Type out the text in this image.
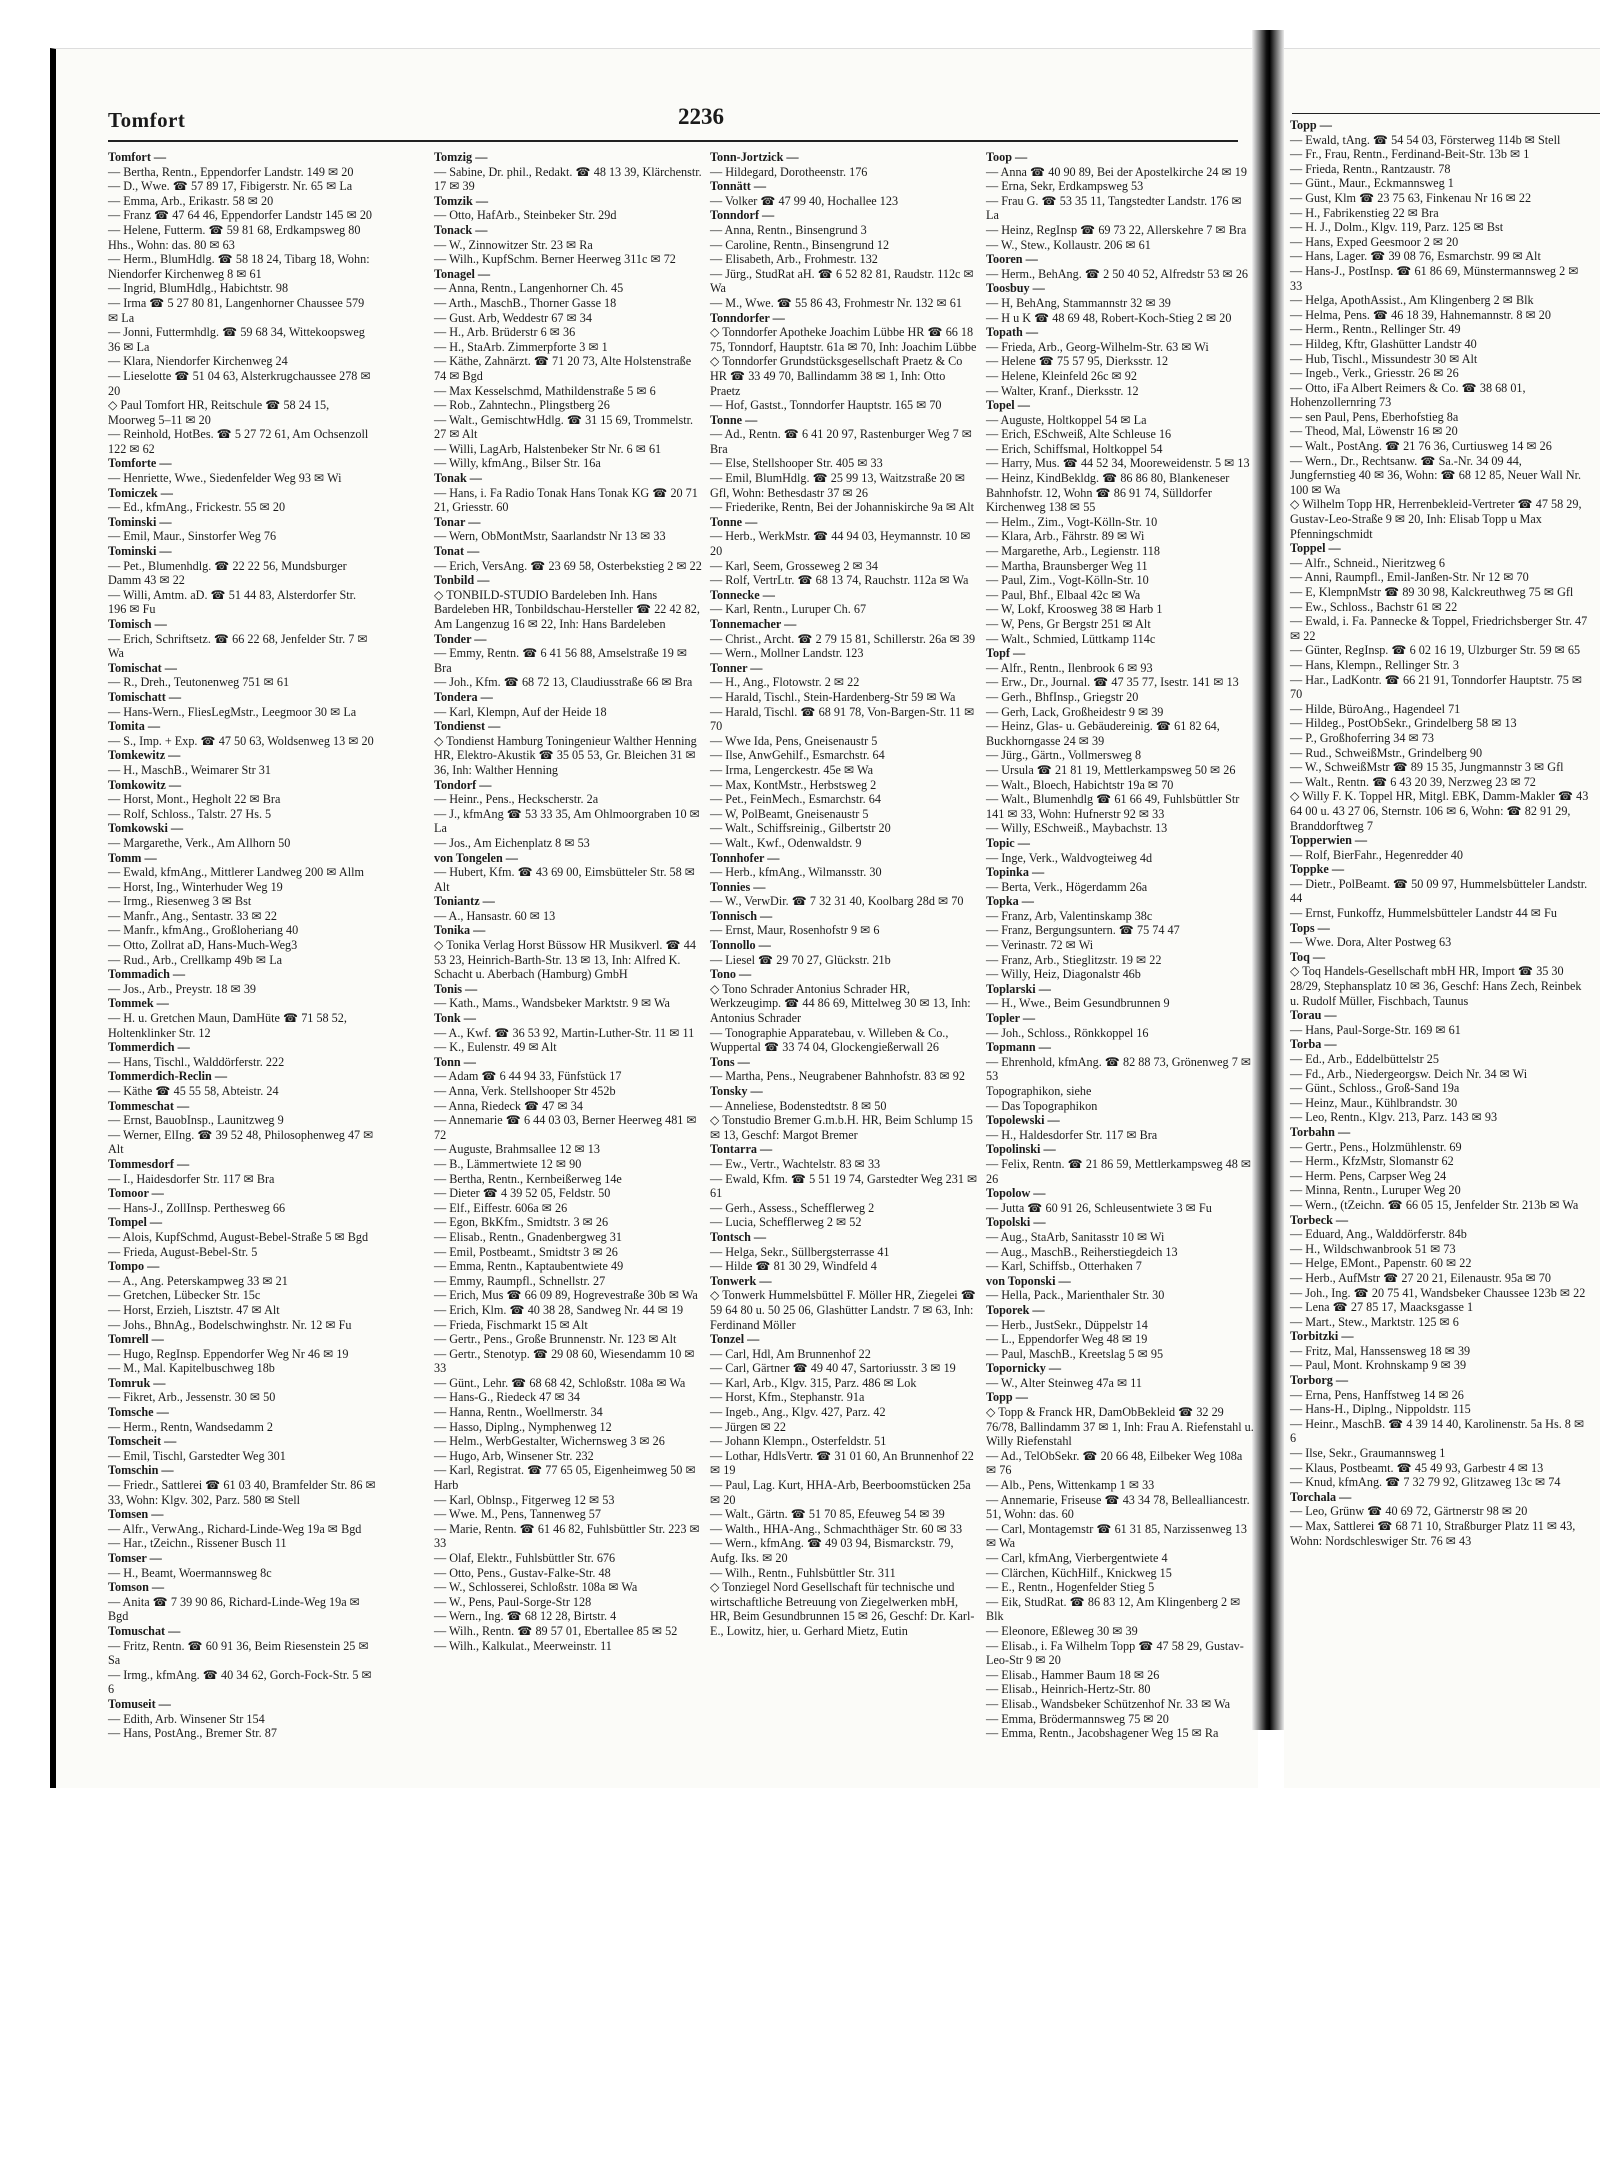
Tomfort	2236

Tomfort —

— Bertha, Rentn., Eppendorfer Landstr. 149 ✉ 20

— D., Wwe. ☎ 57 89 17, Fibigerstr. Nr. 65 ✉ La

— Emma, Arb., Erikastr. 58 ✉ 20

— Franz ☎ 47 64 46, Eppendorfer Landstr 145 ✉ 20

— Helene, Futterm. ☎ 59 81 68, Erdkampsweg 80 Hhs., Wohn: das. 80 ✉ 63

— Herm., BlumHdlg. ☎ 58 18 24, Tibarg 18, Wohn: Niendorfer Kirchenweg 8 ✉ 61

— Ingrid, BlumHdlg., Habichtstr. 98

— Irma ☎ 5 27 80 81, Langenhorner Chaussee 579 ✉ La

— Jonni, Futtermhdlg. ☎ 59 68 34, Wittekoopsweg 36 ✉ La

— Klara, Niendorfer Kirchenweg 24

— Lieselotte ☎ 51 04 63, Alsterkrugchaussee 278 ✉ 20

◇ Paul Tomfort HR, Reitschule ☎ 58 24 15, Moorweg 5–11 ✉ 20

— Reinhold, HotBes. ☎ 5 27 72 61, Am Ochsenzoll 122 ✉ 62

Tomforte —

— Henriette, Wwe., Siedenfelder Weg 93 ✉ Wi

Tomiczek —

— Ed., kfmAng., Frickestr. 55 ✉ 20

Tominski —

— Emil, Maur., Sinstorfer Weg 76

Tominski —

— Pet., Blumenhdlg. ☎ 22 22 56, Mundsburger Damm 43 ✉ 22

— Willi, Amtm. aD. ☎ 51 44 83, Alsterdorfer Str. 196 ✉ Fu

Tomisch —

— Erich, Schriftsetz. ☎ 66 22 68, Jenfelder Str. 7 ✉ Wa

Tomischat —

— R., Dreh., Teutonenweg 751 ✉ 61

Tomischatt —

— Hans-Wern., FliesLegMstr., Leegmoor 30 ✉ La

Tomita —

— S., Imp. + Exp. ☎ 47 50 63, Woldsenweg 13 ✉ 20

Tomkewitz —

— H., MaschB., Weimarer Str 31

Tomkowitz —

— Horst, Mont., Hegholt 22 ✉ Bra

— Rolf, Schloss., Talstr. 27 Hs. 5

Tomkowski —

— Margarethe, Verk., Am Allhorn 50

Tomm —

— Ewald, kfmAng., Mittlerer Landweg 200 ✉ Allm

— Horst, Ing., Winterhuder Weg 19

— Irmg., Riesenweg 3 ✉ Bst

— Manfr., Ang., Sentastr. 33 ✉ 22

— Manfr., kfmAng., Großloheriang 40

— Otto, Zollrat aD, Hans-Much-Weg3

— Rud., Arb., Crellkamp 49b ✉ La

Tommadich —

— Jos., Arb., Preystr. 18 ✉ 39

Tommek —

— H. u. Gretchen Maun, DamHüte ☎ 71 58 52, Holtenklinker Str. 12

Tommerdich —

— Hans, Tischl., Walddörferstr. 222

Tommerdich-Reclin —

— Käthe ☎ 45 55 58, Abteistr. 24

Tommeschat —

— Ernst, BauobInsp., Launitzweg 9

— Werner, ElIng. ☎ 39 52 48, Philosophenweg 47 ✉ Alt

Tommesdorf —

— I., Haidesdorfer Str. 117 ✉ Bra

Tomoor —

— Hans-J., ZollInsp. Perthesweg 66

Tompel —

— Alois, KupfSchmd, August-Bebel-Straße 5 ✉ Bgd

— Frieda, August-Bebel-Str. 5

Tompo —

— A., Ang. Peterskampweg 33 ✉ 21

— Gretchen, Lübecker Str. 15c

— Horst, Erzieh, Lisztstr. 47 ✉ Alt

— Johs., BhnAg., Bodelschwinghstr. Nr. 12 ✉ Fu

Tomrell —

— Hugo, RegInsp. Eppendorfer Weg Nr 46 ✉ 19

— M., Mal. Kapitelbuschweg 18b

Tomruk —

— Fikret, Arb., Jessenstr. 30 ✉ 50

Tomsche —

— Herm., Rentn, Wandsedamm 2

Tomscheit —

— Emil, Tischl, Garstedter Weg 301

Tomschin —

— Friedr., Sattlerei ☎ 61 03 40, Bramfelder Str. 86 ✉ 33, Wohn: Klgv. 302, Parz. 580 ✉ Stell

Tomsen —

— Alfr., VerwAng., Richard-Linde-Weg 19a ✉ Bgd

— Har., tZeichn., Rissener Busch 11

Tomser —

— H., Beamt, Woermannsweg 8c

Tomson —

— Anita ☎ 7 39 90 86, Richard-Linde-Weg 19a ✉ Bgd

Tomuschat —

— Fritz, Rentn. ☎ 60 91 36, Beim Riesenstein 25 ✉ Sa

— Irmg., kfmAng. ☎ 40 34 62, Gorch-Fock-Str. 5 ✉ 6

Tomuseit —

— Edith, Arb. Winsener Str 154

— Hans, PostAng., Bremer Str. 87

Tomzig —

— Sabine, Dr. phil., Redakt. ☎ 48 13 39, Klärchenstr. 17 ✉ 39

Tomzik —

— Otto, HafArb., Steinbeker Str. 29d

Tonack —

— W., Zinnowitzer Str. 23 ✉ Ra

— Wilh., KupfSchm. Berner Heerweg 311c ✉ 72

Tonagel —

— Anna, Rentn., Langenhorner Ch. 45

— Arth., MaschB., Thorner Gasse 18

— Gust. Arb, Weddestr 67 ✉ 34

— H., Arb. Brüderstr 6 ✉ 36

— H., StaArb. Zimmerpforte 3 ✉ 1

— Käthe, Zahnärzt. ☎ 71 20 73, Alte Holstenstraße 74 ✉ Bgd

— Max Kesselschmd, Mathildenstraße 5 ✉ 6

— Rob., Zahntechn., Plingstberg 26

— Walt., GemischtwHdlg. ☎ 31 15 69, Trommelstr. 27 ✉ Alt

— Willi, LagArb, Halstenbeker Str Nr. 6 ✉ 61

— Willy, kfmAng., Bilser Str. 16a

Tonak —

— Hans, i. Fa Radio Tonak Hans Tonak KG ☎ 20 71 21, Griesstr. 60

Tonar —

— Wern, ObMontMstr, Saarlandstr Nr 13 ✉ 33

Tonat —

— Erich, VersAng. ☎ 23 69 58, Osterbekstieg 2 ✉ 22

Tonbild —

◇ TONBILD-STUDIO Bardeleben Inh. Hans Bardeleben HR, Tonbildschau-Hersteller ☎ 22 42 82, Am Langenzug 16 ✉ 22, Inh: Hans Bardeleben

Tonder —

— Emmy, Rentn. ☎ 6 41 56 88, Amselstraße 19 ✉ Bra

— Joh., Kfm. ☎ 68 72 13, Claudiusstraße 66 ✉ Bra

Tondera —

— Karl, Klempn, Auf der Heide 18

Tondienst —

◇ Tondienst Hamburg Toningenieur Walther Henning HR, Elektro-Akustik ☎ 35 05 53, Gr. Bleichen 31 ✉ 36, Inh: Walther Henning

Tondorf —

— Heinr., Pens., Heckscherstr. 2a

— J., kfmAng ☎ 53 33 35, Am Ohlmoorgraben 10 ✉ La

— Jos., Am Eichenplatz 8 ✉ 53

von Tongelen —

— Hubert, Kfm. ☎ 43 69 00, Eimsbütteler Str. 58 ✉ Alt

Toniantz —

— A., Hansastr. 60 ✉ 13

Tonika —

◇ Tonika Verlag Horst Büssow HR Musikverl. ☎ 44 53 23, Heinrich-Barth-Str. 13 ✉ 13, Inh: Alfred K. Schacht u. Aberbach (Hamburg) GmbH

Tonis —

— Kath., Mams., Wandsbeker Marktstr. 9 ✉ Wa

Tonk —

— A., Kwf. ☎ 36 53 92, Martin-Luther-Str. 11 ✉ 11

— K., Eulenstr. 49 ✉ Alt

Tonn —

— Adam ☎ 6 44 94 33, Fünfstück 17

— Anna, Verk. Stellshooper Str 452b

— Anna, Riedeck ☎ 47 ✉ 34

— Annemarie ☎ 6 44 03 03, Berner Heerweg 481 ✉ 72

— Auguste, Brahmsallee 12 ✉ 13

— B., Lämmertwiete 12 ✉ 90

— Bertha, Rentn., Kernbeißerweg 14e

— Dieter ☎ 4 39 52 05, Feldstr. 50

— Elf., Eiffestr. 606a ✉ 26

— Egon, BkKfm., Smidtstr. 3 ✉ 26

— Elisab., Rentn., Gnadenbergweg 31

— Emil, Postbeamt., Smidtstr 3 ✉ 26

— Emma, Rentn., Kaptaubentwiete 49

— Emmy, Raumpfl., Schnellstr. 27

— Erich, Mus ☎ 66 09 89, Hogrevestraße 30b ✉ Wa

— Erich, Klm. ☎ 40 38 28, Sandweg Nr. 44 ✉ 19

— Frieda, Fischmarkt 15 ✉ Alt

— Gertr., Pens., Große Brunnenstr. Nr. 123 ✉ Alt

— Gertr., Stenotyp. ☎ 29 08 60, Wiesendamm 10 ✉ 33

— Günt., Lehr. ☎ 68 68 42, Schloßstr. 108a ✉ Wa

— Hans-G., Riedeck 47 ✉ 34

— Hanna, Rentn., Woellmerstr. 34

— Hasso, Diplng., Nymphenweg 12

— Helm., WerbGestalter, Wichernsweg 3 ✉ 26

— Hugo, Arb, Winsener Str. 232

— Karl, Registrat. ☎ 77 65 05, Eigenheimweg 50 ✉ Harb

— Karl, Oblnsp., Fitgerweg 12 ✉ 53

— Wwe. M., Pens, Tannenweg 57

— Marie, Rentn. ☎ 61 46 82, Fuhlsbüttler Str. 223 ✉ 33

— Olaf, Elektr., Fuhlsbüttler Str. 676

— Otto, Pens., Gustav-Falke-Str. 48

— W., Schlosserei, Schloßstr. 108a ✉ Wa

— W., Pens, Paul-Sorge-Str 128

— Wern., Ing. ☎ 68 12 28, Birtstr. 4

— Wilh., Rentn. ☎ 89 57 01, Ebertallee 85 ✉ 52

— Wilh., Kalkulat., Meerweinstr. 11

Tonn-Jortzick —

— Hildegard, Dorotheenstr. 176

Tonnätt —

— Volker ☎ 47 99 40, Hochallee 123

Tonndorf —

— Anna, Rentn., Binsengrund 3

— Caroline, Rentn., Binsengrund 12

— Elisabeth, Arb., Frohmestr. 132

— Jürg., StudRat aH. ☎ 6 52 82 81, Raudstr. 112c ✉ Wa

— M., Wwe. ☎ 55 86 43, Frohmestr Nr. 132 ✉ 61

Tonndorfer —

◇ Tonndorfer Apotheke Joachim Lübbe HR ☎ 66 18 75, Tonndorf, Hauptstr. 61a ✉ 70, Inh: Joachim Lübbe

◇ Tonndorfer Grundstücksgesellschaft Praetz & Co HR ☎ 33 49 70, Ballindamm 38 ✉ 1, Inh: Otto Praetz

— Hof, Gastst., Tonndorfer Hauptstr. 165 ✉ 70

Tonne —

— Ad., Rentn. ☎ 6 41 20 97, Rastenburger Weg 7 ✉ Bra

— Else, Stellshooper Str. 405 ✉ 33

— Emil, BlumHdlg. ☎ 25 99 13, Waitzstraße 20 ✉ Gfl, Wohn: Bethesdastr 37 ✉ 26

— Friederike, Rentn, Bei der Johanniskirche 9a ✉ Alt

Tonne —

— Herb., WerkMstr. ☎ 44 94 03, Heymannstr. 10 ✉ 20

— Karl, Seem, Grosseweg 2 ✉ 34

— Rolf, VertrLtr. ☎ 68 13 74, Rauchstr. 112a ✉ Wa

Tonnecke —

— Karl, Rentn., Luruper Ch. 67

Tonnemacher —

— Christ., Archt. ☎ 2 79 15 81, Schillerstr. 26a ✉ 39

— Wern., Mollner Landstr. 123

Tonner —

— H., Ang., Flotowstr. 2 ✉ 22

— Harald, Tischl., Stein-Hardenberg-Str 59 ✉ Wa

— Harald, Tischl. ☎ 68 91 78, Von-Bargen-Str. 11 ✉ 70

— Wwe Ida, Pens, Gneisenaustr 5

— Ilse, AnwGehilf., Esmarchstr. 64

— Irma, Lengerckestr. 45e ✉ Wa

— Max, KontMstr., Herbstsweg 2

— Pet., FeinMech., Esmarchstr. 64

— W, PolBeamt, Gneisenaustr 5

— Walt., Schiffsreinig., Gilbertstr 20

— Walt., Kwf., Odenwaldstr. 9

Tonnhofer —

— Herb., kfmAng., Wilmansstr. 30

Tonnies —

— W., VerwDir. ☎ 7 32 31 40, Koolbarg 28d ✉ 70

Tonnisch —

— Ernst, Maur, Rosenhofstr 9 ✉ 6

Tonnollo —

— Liesel ☎ 29 70 27, Glückstr. 21b

Tono —

◇ Tono Schrader Antonius Schrader HR, Werkzeugimp. ☎ 44 86 69, Mittelweg 30 ✉ 13, Inh: Antonius Schrader

— Tonographie Apparatebau, v. Willeben & Co., Wuppertal ☎ 33 74 04, Glockengießerwall 26

Tons —

— Martha, Pens., Neugrabener Bahnhofstr. 83 ✉ 92

Tonsky —

— Anneliese, Bodenstedtstr. 8 ✉ 50

◇ Tonstudio Bremer G.m.b.H. HR, Beim Schlump 15 ✉ 13, Geschf: Margot Bremer

Tontarra —

— Ew., Vertr., Wachtelstr. 83 ✉ 33

— Ewald, Kfm. ☎ 5 51 19 74, Garstedter Weg 231 ✉ 61

— Gerh., Assess., Schefflerweg 2

— Lucia, Schefflerweg 2 ✉ 52

Tontsch —

— Helga, Sekr., Süllbergsterrasse 41

— Hilde ☎ 81 30 29, Windfeld 4

Tonwerk —

◇ Tonwerk Hummelsbüttel F. Möller HR, Ziegelei ☎ 59 64 80 u. 50 25 06, Glashütter Landstr. 7 ✉ 63, Inh: Ferdinand Möller

Tonzel —

— Carl, Hdl, Am Brunnenhof 22

— Carl, Gärtner ☎ 49 40 47, Sartoriusstr. 3 ✉ 19

— Karl, Arb., Klgv. 315, Parz. 486 ✉ Lok

— Horst, Kfm., Stephanstr. 91a

— Ingeb., Ang., Klgv. 427, Parz. 42

— Jürgen ✉ 22

— Johann Klempn., Osterfeldstr. 51

— Lothar, HdlsVertr. ☎ 31 01 60, An Brunnenhof 22 ✉ 19

— Paul, Lag. Kurt, HHA-Arb, Beerboomstücken 25a ✉ 20

— Walt., Gärtn. ☎ 51 70 85, Efeuweg 54 ✉ 39

— Walth., HHA-Ang., Schmachthäger Str. 60 ✉ 33

— Wern., kfmAng. ☎ 49 03 94, Bismarckstr. 79, Aufg. Iks. ✉ 20

— Wilh., Rentn., Fuhlsbüttler Str. 311

◇ Tonziegel Nord Gesellschaft für technische und wirtschaftliche Betreuung von Ziegelwerken mbH, HR, Beim Gesundbrunnen 15 ✉ 26, Geschf: Dr. Karl-E., Lowitz, hier, u. Gerhard Mietz, Eutin

Toop —

— Anna ☎ 40 90 89, Bei der Apostelkirche 24 ✉ 19

— Erna, Sekr, Erdkampsweg 53

— Frau G. ☎ 53 35 11, Tangstedter Landstr. 176 ✉ La

— Heinz, RegInsp ☎ 69 73 22, Allerskehre 7 ✉ Bra

— W., Stew., Kollaustr. 206 ✉ 61

Tooren —

— Herm., BehAng. ☎ 2 50 40 52, Alfredstr 53 ✉ 26

Toosbuy —

— H, BehAng, Stammannstr 32 ✉ 39

— H u K ☎ 48 69 48, Robert-Koch-Stieg 2 ✉ 20

Topath —

— Frieda, Arb., Georg-Wilhelm-Str. 63 ✉ Wi

— Helene ☎ 75 57 95, Dierksstr. 12

— Helene, Kleinfeld 26c ✉ 92

— Walter, Kranf., Dierksstr. 12

Topel —

— Auguste, Holtkoppel 54 ✉ La

— Erich, ESchweiß, Alte Schleuse 16

— Erich, Schiffsmal, Holtkoppel 54

— Harry, Mus. ☎ 44 52 34, Mooreweidenstr. 5 ✉ 13

— Heinz, KindBekldg. ☎ 86 86 80, Blankeneser Bahnhofstr. 12, Wohn ☎ 86 91 74, Sülldorfer Kirchenweg 138 ✉ 55

— Helm., Zim., Vogt-Kölln-Str. 10

— Klara, Arb., Fährstr. 89 ✉ Wi

— Margarethe, Arb., Legienstr. 118

— Martha, Braunsberger Weg 11

— Paul, Zim., Vogt-Kölln-Str. 10

— Paul, Bhf., Elbaal 42c ✉ Wa

— W, Lokf, Kroosweg 38 ✉ Harb 1

— W, Pens, Gr Bergstr 251 ✉ Alt

— Walt., Schmied, Lüttkamp 114c

Topf —

— Alfr., Rentn., Ilenbrook 6 ✉ 93

— Erw., Dr., Journal. ☎ 47 35 77, Isestr. 141 ✉ 13

— Gerh., BhfInsp., Griegstr 20

— Gerh, Lack, Großheidestr 9 ✉ 39

— Heinz, Glas- u. Gebäudereinig. ☎ 61 82 64, Buckhorngasse 24 ✉ 39

— Jürg., Gärtn., Vollmersweg 8

— Ursula ☎ 21 81 19, Mettlerkampsweg 50 ✉ 26

— Walt., Bloech, Habichtstr 19a ✉ 70

— Walt., Blumenhdlg ☎ 61 66 49, Fuhlsbüttler Str 141 ✉ 33, Wohn: Hufnerstr 92 ✉ 33

— Willy, ESchweiß., Maybachstr. 13

Topic —

— Inge, Verk., Waldvogteiweg 4d

Topinka —

— Berta, Verk., Högerdamm 26a

Topka —

— Franz, Arb, Valentinskamp 38c

— Franz, Bergungsuntern. ☎ 75 74 47

— Verinastr. 72 ✉ Wi

— Franz, Arb., Stieglitzstr. 19 ✉ 22

— Willy, Heiz, Diagonalstr 46b

Toplarski —

— H., Wwe., Beim Gesundbrunnen 9

Topler —

— Joh., Schloss., Rönkkoppel 16

Topmann —

— Ehrenhold, kfmAng. ☎ 82 88 73, Grönenweg 7 ✉ 53

Topographikon, siehe

— Das Topographikon

Topolewski —

— H., Haldesdorfer Str. 117 ✉ Bra

Topolinski —

— Felix, Rentn. ☎ 21 86 59, Mettlerkampsweg 48 ✉ 26

Topolow —

— Jutta ☎ 60 91 26, Schleusentwiete 3 ✉ Fu

Topolski —

— Aug., StaArb, Sanitasstr 10 ✉ Wi

— Aug., MaschB., Reiherstiegdeich 13

— Karl, Schiffsb., Otterhaken 7

von Toponski —

— Hella, Pack., Marienthaler Str. 30

Toporek —

— Herb., JustSekr., Düppelstr 14

— L., Eppendorfer Weg 48 ✉ 19

— Paul, MaschB., Kreetslag 5 ✉ 95

Topornicky —

— W., Alter Steinweg 47a ✉ 11

Topp —

◇ Topp & Franck HR, DamObBekleid ☎ 32 29 76/78, Ballindamm 37 ✉ 1, Inh: Frau A. Riefenstahl u. Willy Riefenstahl

— Ad., TelObSekr. ☎ 20 66 48, Eilbeker Weg 108a ✉ 76

— Alb., Pens, Wittenkamp 1 ✉ 33

— Annemarie, Friseuse ☎ 43 34 78, Bellealliancestr. 51, Wohn: das. 60

— Carl, Montagemstr ☎ 61 31 85, Narzissenweg 13 ✉ Wa

— Carl, kfmAng, Vierbergentwiete 4

— Clärchen, KüchHilf., Knickweg 15

— E., Rentn., Hogenfelder Stieg 5

— Eik, StudRat. ☎ 86 83 12, Am Klingenberg 2 ✉ Blk

— Eleonore, Eßleweg 30 ✉ 39

— Elisab., i. Fa Wilhelm Topp ☎ 47 58 29, Gustav-Leo-Str 9 ✉ 20

— Elisab., Hammer Baum 18 ✉ 26

— Elisab., Heinrich-Hertz-Str. 80

— Elisab., Wandsbeker Schützenhof Nr. 33 ✉ Wa

— Emma, Brödermannsweg 75 ✉ 20

— Emma, Rentn., Jacobshagener Weg 15 ✉ Ra

Topp —

— Ewald, tAng. ☎ 54 54 03, Försterweg 114b ✉ Stell

— Fr., Frau, Rentn., Ferdinand-Beit-Str. 13b ✉ 1

— Frieda, Rentn., Rantzaustr. 78

— Günt., Maur., Eckmannsweg 1

— Gust, Klm ☎ 23 75 63, Finkenau Nr 16 ✉ 22

— H., Fabrikenstieg 22 ✉ Bra

— H. J., Dolm., Klgv. 119, Parz. 125 ✉ Bst

— Hans, Exped Geesmoor 2 ✉ 20

— Hans, Lager. ☎ 39 08 76, Esmarchstr. 99 ✉ Alt

— Hans-J., PostInsp. ☎ 61 86 69, Münstermannsweg 2 ✉ 33

— Helga, ApothAssist., Am Klingenberg 2 ✉ Blk

— Helma, Pens. ☎ 46 18 39, Hahnemannstr. 8 ✉ 20

— Herm., Rentn., Rellinger Str. 49

— Hildeg, Kftr, Glashütter Landstr 40

— Hub, Tischl., Missundestr 30 ✉ Alt

— Ingeb., Verk., Griesstr. 26 ✉ 26

— Otto, iFa Albert Reimers & Co. ☎ 38 68 01, Hohenzollernring 73

— sen Paul, Pens, Eberhofstieg 8a

— Theod, Mal, Löwenstr 16 ✉ 20

— Walt., PostAng. ☎ 21 76 36, Curtiusweg 14 ✉ 26

— Wern., Dr., Rechtsanw. ☎ Sa.-Nr. 34 09 44, Jungfernstieg 40 ✉ 36, Wohn: ☎ 68 12 85, Neuer Wall Nr. 100 ✉ Wa

◇ Wilhelm Topp HR, Herrenbekleid-Vertreter ☎ 47 58 29, Gustav-Leo-Straße 9 ✉ 20, Inh: Elisab Topp u Max Pfenningschmidt

Toppel —

— Alfr., Schneid., Nieritzweg 6

— Anni, Raumpfl., Emil-Janßen-Str. Nr 12 ✉ 70

— E, KlempnMstr ☎ 89 30 98, Kalckreuthweg 75 ✉ Gfl

— Ew., Schloss., Bachstr 61 ✉ 22

— Ewald, i. Fa. Pannecke & Toppel, Friedrichsberger Str. 47 ✉ 22

— Günter, RegInsp. ☎ 6 02 16 19, Ulzburger Str. 59 ✉ 65

— Hans, Klempn., Rellinger Str. 3

— Har., LadKontr. ☎ 66 21 91, Tonndorfer Hauptstr. 75 ✉ 70

— Hilde, BüroAng., Hagendeel 71

— Hildeg., PostObSekr., Grindelberg 58 ✉ 13

— P., Großhoferring 34 ✉ 73

— Rud., SchweißMstr., Grindelberg 90

— W., SchweißMstr ☎ 89 15 35, Jungmannstr 3 ✉ Gfl

— Walt., Rentn. ☎ 6 43 20 39, Nerzweg 23 ✉ 72

◇ Willy F. K. Toppel HR, Mitgl. EBK, Damm-Makler ☎ 43 64 00 u. 43 27 06, Sternstr. 106 ✉ 6, Wohn: ☎ 82 91 29, Branddorftweg 7

Topperwien —

— Rolf, BierFahr., Hegenredder 40

Toppke —

— Dietr., PolBeamt. ☎ 50 09 97, Hummelsbütteler Landstr. 44

— Ernst, Funkoffz, Hummelsbütteler Landstr 44 ✉ Fu

Tops —

— Wwe. Dora, Alter Postweg 63

Toq —

◇ Toq Handels-Gesellschaft mbH HR, Import ☎ 35 30 28/29, Stephansplatz 10 ✉ 36, Geschf: Hans Zech, Reinbek u. Rudolf Müller, Fischbach, Taunus

Torau —

— Hans, Paul-Sorge-Str. 169 ✉ 61

Torba —

— Ed., Arb., Eddelbüttelstr 25

— Fd., Arb., Niedergeorgsw. Deich Nr. 34 ✉ Wi

— Günt., Schloss., Groß-Sand 19a

— Heinz, Maur., Kühlbrandstr. 30

— Leo, Rentn., Klgv. 213, Parz. 143 ✉ 93

Torbahn —

— Gertr., Pens., Holzmühlenstr. 69

— Herm., KfzMstr, Slomanstr 62

— Herm. Pens, Carpser Weg 24

— Minna, Rentn., Luruper Weg 20

— Wern., (tZeichn. ☎ 66 05 15, Jenfelder Str. 213b ✉ Wa

Torbeck —

— Eduard, Ang., Walddörferstr. 84b

— H., Wildschwanbrook 51 ✉ 73

— Helge, EMont., Papenstr. 60 ✉ 22

— Herb., AufMstr ☎ 27 20 21, Eilenaustr. 95a ✉ 70

— Joh., Ing. ☎ 20 75 41, Wandsbeker Chaussee 123b ✉ 22

— Lena ☎ 27 85 17, Maacksgasse 1

— Mart., Stew., Marktstr. 125 ✉ 6

Torbitzki —

— Fritz, Mal, Hanssensweg 18 ✉ 39

— Paul, Mont. Krohnskamp 9 ✉ 39

Torborg —

— Erna, Pens, Hanffstweg 14 ✉ 26

— Hans-H., Diplng., Nippoldstr. 115

— Heinr., MaschB. ☎ 4 39 14 40, Karolinenstr. 5a Hs. 8 ✉ 6

— Ilse, Sekr., Graumannsweg 1

— Klaus, Postbeamt. ☎ 45 49 93, Garbestr 4 ✉ 13

— Knud, kfmAng. ☎ 7 32 79 92, Glitzaweg 13c ✉ 74

Torchala —

— Leo, Grünw ☎ 40 69 72, Gärtnerstr 98 ✉ 20

— Max, Sattlerei ☎ 68 71 10, Straßburger Platz 11 ✉ 43, Wohn: Nordschleswiger Str. 76 ✉ 43
